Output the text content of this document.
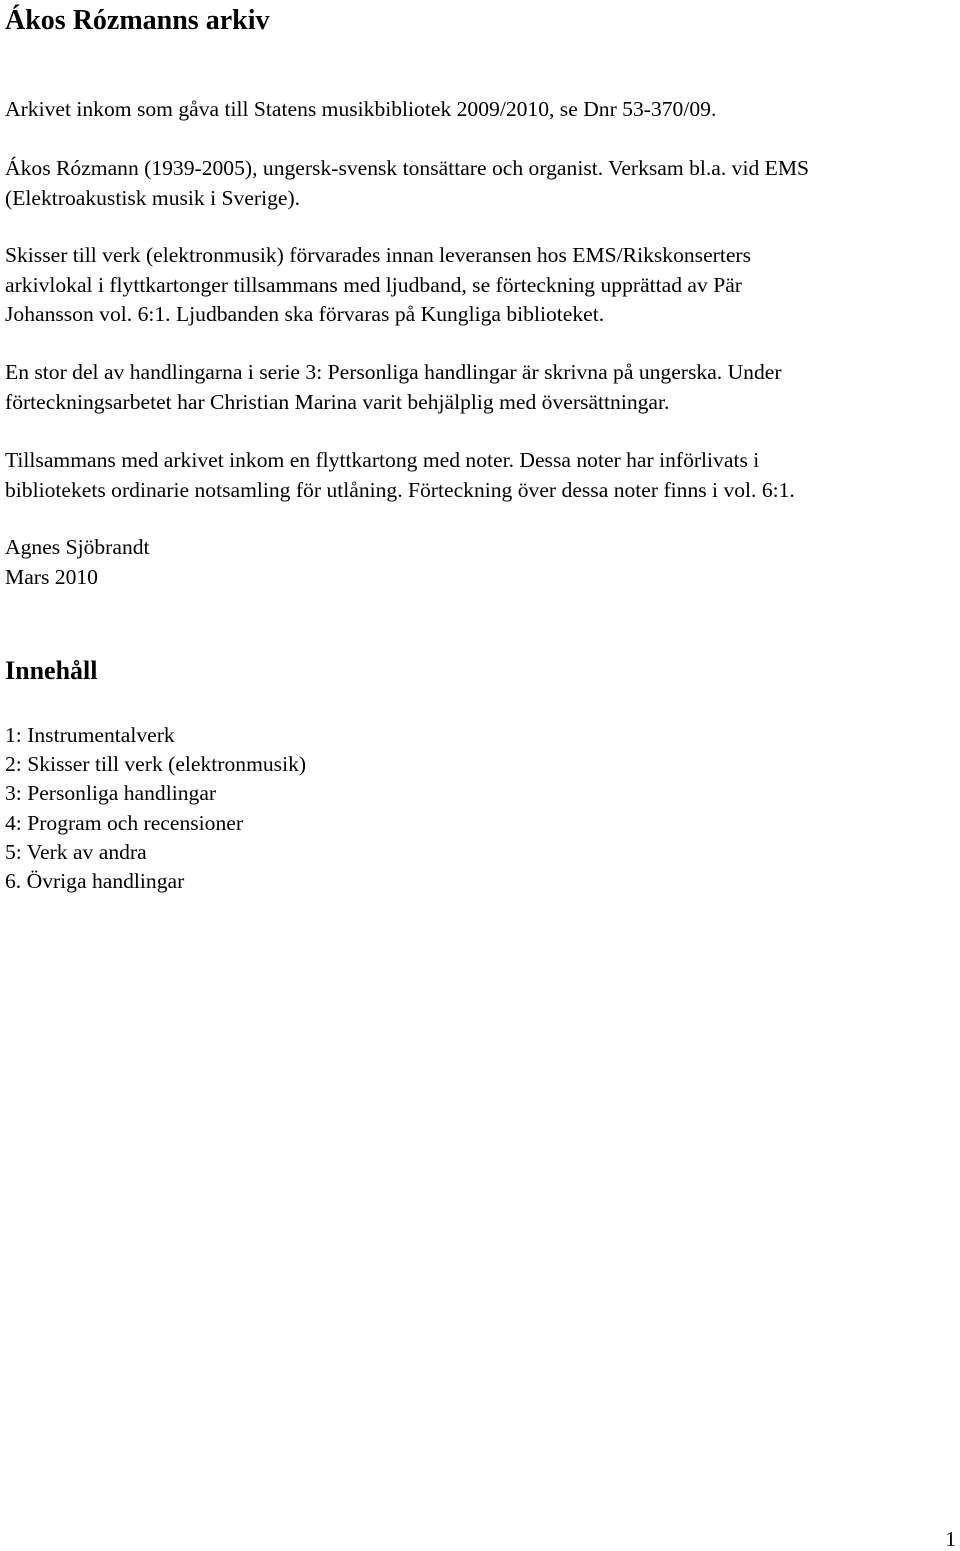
Ákos Rózmanns arkiv

Arkivet inkom som gåva till Statens musikbibliotek 2009/2010, se Dnr 53-370/09.

Ákos Rózmann (1939-2005), ungersk-svensk tonsättare och organist. Verksam bl.a. vid EMS
(Elektroakustisk musik i Sverige).

Skisser till verk (elektronmusik) förvarades innan leveransen hos EMS/Rikskonserters
arkivlokal i flyttkartonger tillsammans med ljudband, se förteckning upprättad av Pär
Johansson vol. 6:1. Ljudbanden ska förvaras på Kungliga biblioteket.

En stor del av handlingarna i serie 3: Personliga handlingar är skrivna på ungerska. Under
förteckningsarbetet har Christian Marina varit behjälplig med översättningar.

Tillsammans med arkivet inkom en flyttkartong med noter. Dessa noter har införlivats i
bibliotekets ordinarie notsamling för utlåning. Förteckning över dessa noter finns i vol. 6:1.

Agnes Sjöbrandt
Mars 2010

Innehåll
1: Instrumentalverk
2: Skisser till verk (elektronmusik)
3: Personliga handlingar
4: Program och recensioner
5: Verk av andra
6. Övriga handlingar
1
